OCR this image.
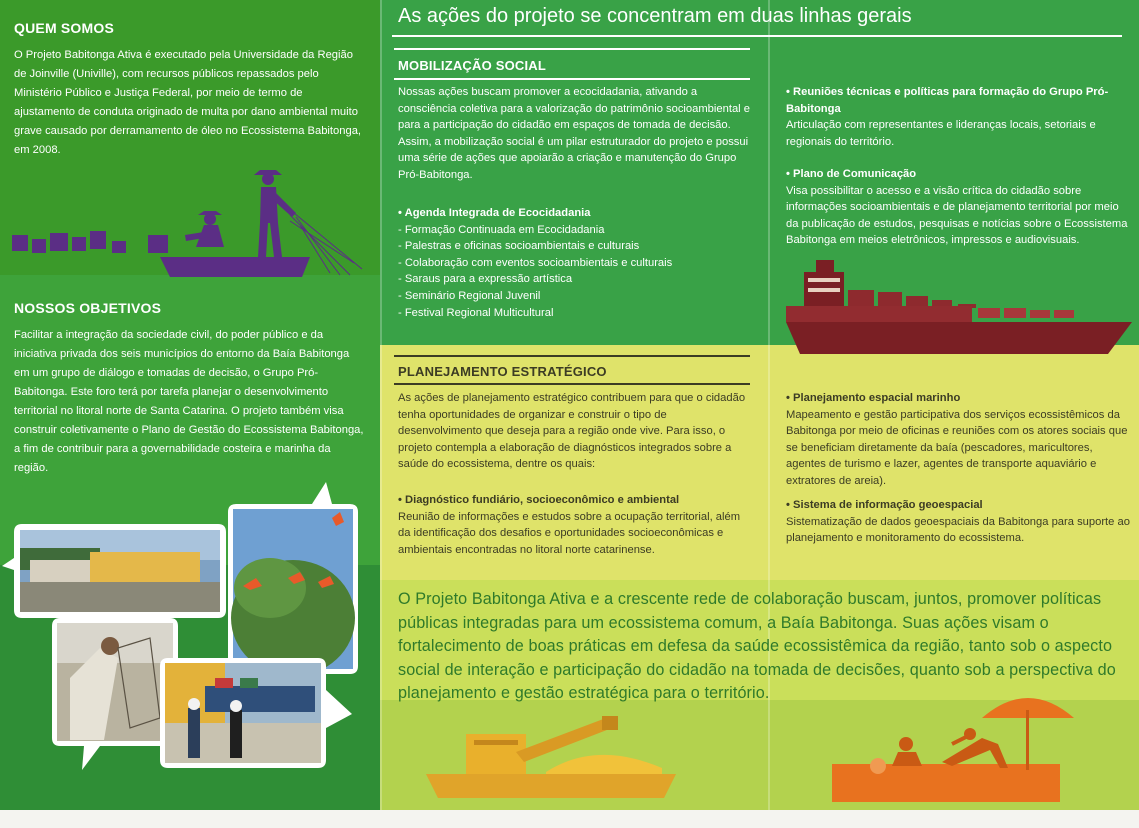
QUEM SOMOS
O Projeto Babitonga Ativa é executado pela Universidade da Região de Joinville (Univille), com recursos públicos repassados pelo Ministério Público e Justiça Federal, por meio de termo de ajustamento de conduta originado de multa por dano ambiental muito grave causado por derramamento de óleo no Ecossistema Babitonga, em 2008.
NOSSOS OBJETIVOS
Facilitar a integração da sociedade civil, do poder público e da iniciativa privada dos seis municípios do entorno da Baía Babitonga em um grupo de diálogo e tomadas de decisão, o Grupo Pró-Babitonga. Este foro terá por tarefa planejar o desenvolvimento territorial no litoral norte de Santa Catarina. O projeto também visa construir coletivamente o Plano de Gestão do Ecossistema Babitonga, a fim de contribuir para a governabilidade costeira e marinha da região.
As ações do projeto se concentram em duas linhas gerais
MOBILIZAÇÃO SOCIAL
Nossas ações buscam promover a ecocidadania, ativando a consciência coletiva para a valorização do patrimônio socioambiental e para a participação do cidadão em espaços de tomada de decisão. Assim, a mobilização social é um pilar estruturador do projeto e possui uma série de ações que apoiarão a criação e manutenção do Grupo Pró-Babitonga.
• Agenda Integrada de Ecocidadania
- Formação Continuada em Ecocidadania
- Palestras e oficinas socioambientais e culturais
- Colaboração com eventos socioambientais e culturais
- Saraus para a expressão artística
- Seminário Regional Juvenil
- Festival Regional Multicultural
• Reuniões técnicas e políticas para formação do Grupo Pró-Babitonga
Articulação com representantes e lideranças locais, setoriais e regionais do território.
• Plano de Comunicação
Visa possibilitar o acesso e a visão crítica do cidadão sobre informações socioambientais e de planejamento territorial por meio da publicação de estudos, pesquisas e notícias sobre o Ecossistema Babitonga em meios eletrônicos, impressos e audiovisuais.
PLANEJAMENTO ESTRATÉGICO
As ações de planejamento estratégico contribuem para que o cidadão tenha oportunidades de organizar e construir o tipo de desenvolvimento que deseja para a região onde vive. Para isso, o projeto contempla a elaboração de diagnósticos integrados sobre a saúde do ecossistema, dentre os quais:
• Diagnóstico fundiário, socioeconômico e ambiental
Reunião de informações e estudos sobre a ocupação territorial, além da identificação dos desafios e oportunidades socioeconômicas e ambientais encontradas no litoral norte catarinense.
• Planejamento espacial marinho
Mapeamento e gestão participativa dos serviços ecossistêmicos da Babitonga por meio de oficinas e reuniões com os atores sociais que se beneficiam diretamente da baía (pescadores, maricultores, agentes de turismo e lazer, agentes de transporte aquaviário e extratores de areia).
• Sistema de informação geoespacial
Sistematização de dados geoespaciais da Babitonga para suporte ao planejamento e monitoramento do ecossistema.
O Projeto Babitonga Ativa e a crescente rede de colaboração buscam, juntos, promover políticas públicas integradas para um ecossistema comum, a Baía Babitonga. Suas ações visam o fortalecimento de boas práticas em defesa da saúde ecossistêmica da região, tanto sob o aspecto social de interação e participação do cidadão na tomada de decisões, quanto sob a perspectiva do planejamento e gestão estratégica para o território.
